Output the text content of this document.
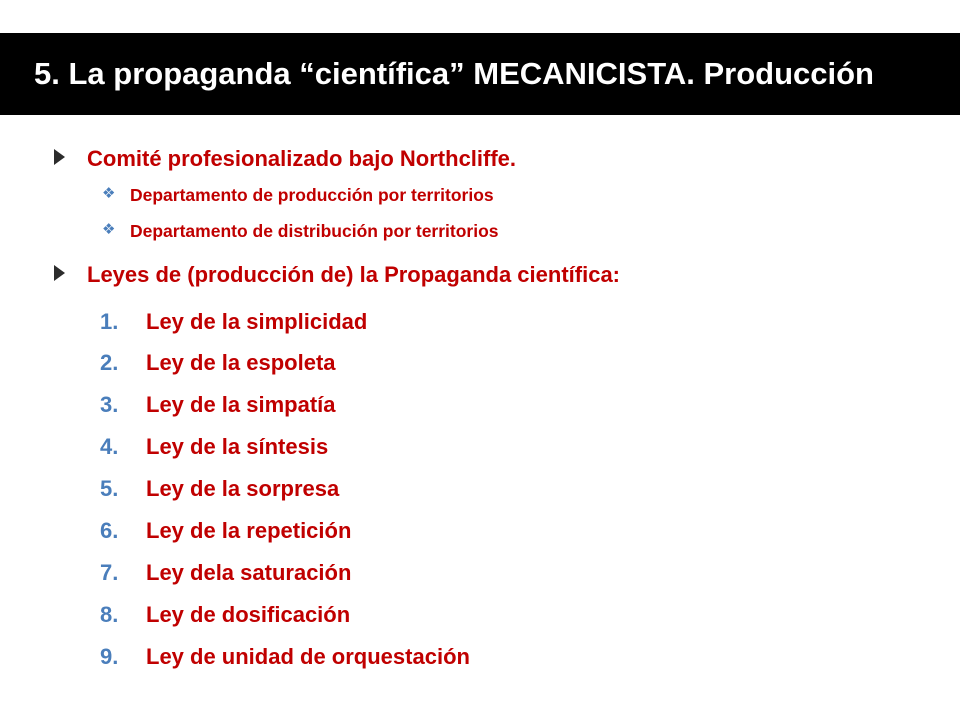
5. La propaganda “científica” MECANICISTA. Producción
Comité profesionalizado bajo Northcliffe.
❖ Departamento de producción por territorios
❖ Departamento de distribución por territorios
Leyes de (producción de) la Propaganda científica:
1. Ley de la simplicidad
2. Ley de la espoleta
3. Ley de la simpatía
4. Ley de la síntesis
5. Ley de la sorpresa
6. Ley de la repetición
7. Ley dela saturación
8. Ley de dosificación
9. Ley de unidad de orquestación
